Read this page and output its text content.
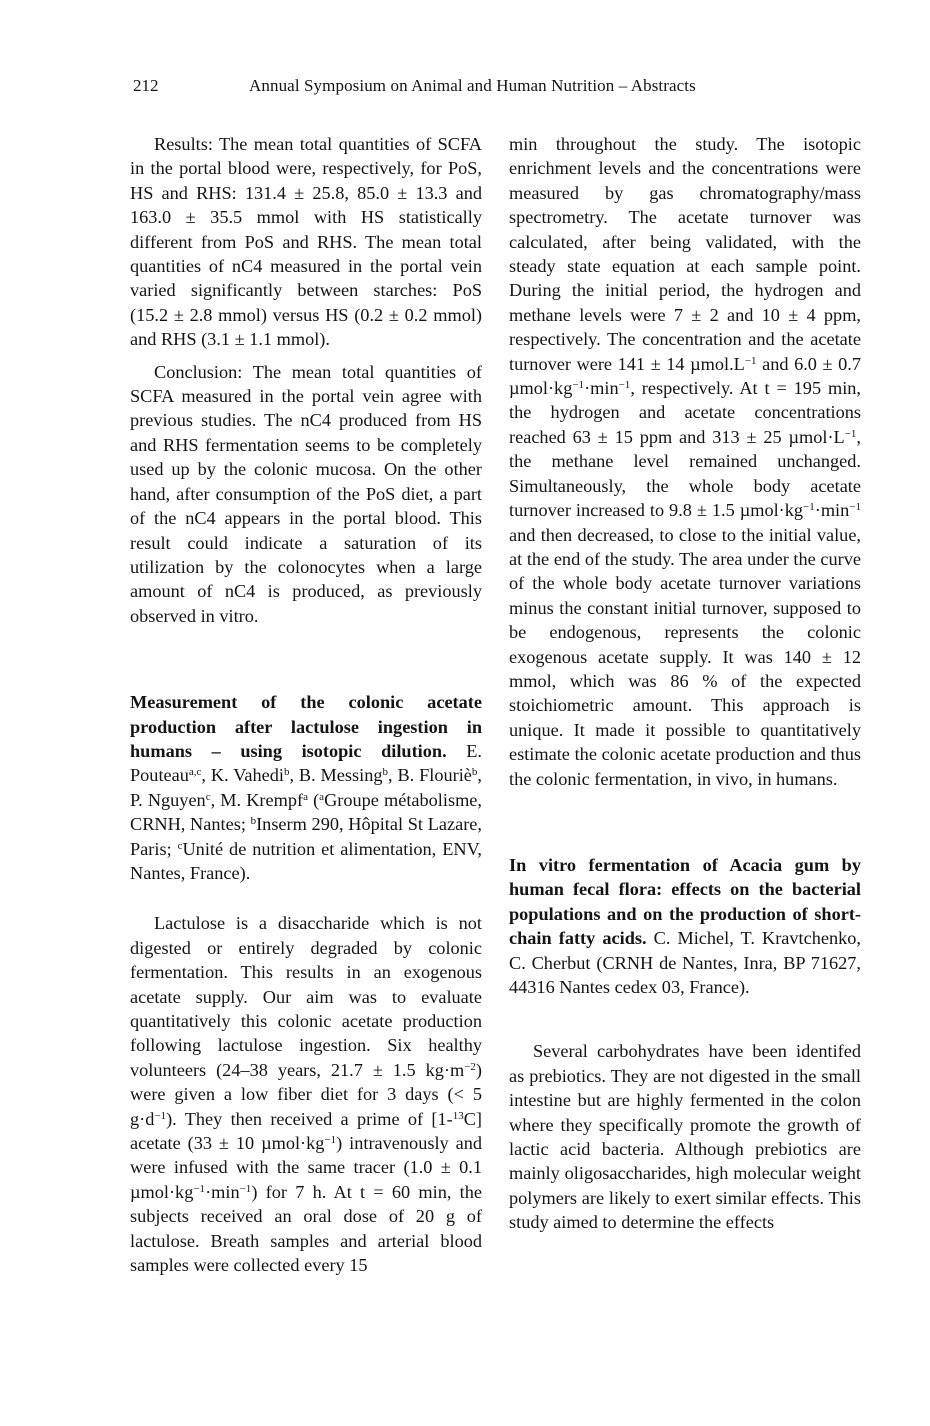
212	Annual Symposium on Animal and Human Nutrition – Abstracts

Results: The mean total quantities of SCFA in the portal blood were, respectively, for PoS, HS and RHS: 131.4 ± 25.8, 85.0 ± 13.3 and 163.0 ± 35.5 mmol with HS statistically different from PoS and RHS. The mean total quantities of nC4 measured in the portal vein varied significantly between starches: PoS (15.2 ± 2.8 mmol) versus HS (0.2 ± 0.2 mmol) and RHS (3.1 ± 1.1 mmol).

Conclusion: The mean total quantities of SCFA measured in the portal vein agree with previous studies. The nC4 produced from HS and RHS fermentation seems to be completely used up by the colonic mucosa. On the other hand, after consumption of the PoS diet, a part of the nC4 appears in the portal blood. This result could indicate a saturation of its utilization by the colonocytes when a large amount of nC4 is produced, as previously observed in vitro.

Measurement of the colonic acetate production after lactulose ingestion in humans – using isotopic dilution. E. Pouteau$^{a,c}$, K. Vahedi$^b$, B. Messing$^b$, B. Flouriè$^b$, P. Nguyen$^c$, M. Krempf$^a$ ($^a$Groupe métabolisme, CRNH, Nantes; $^b$Inserm 290, Hôpital St Lazare, Paris; $^c$Unité de nutrition et alimentation, ENV, Nantes, France).

Lactulose is a disaccharide which is not digested or entirely degraded by colonic fermentation. This results in an exogenous acetate supply. Our aim was to evaluate quantitatively this colonic acetate production following lactulose ingestion. Six healthy volunteers (24–38 years, 21.7 ± 1.5 $kg\cdot m^{-2}$) were given a low fiber diet for 3 days (< 5 $g\cdot d^{-1}$). They then received a prime of [1-$^{13}$C] acetate (33 ± 10 $\mu mol\cdot kg^{-1}$) intravenously and were infused with the same tracer (1.0 ± 0.1 $\mu mol\cdot kg^{-1}\cdot\min^{-1}$) for 7 h. At t = 60 min, the subjects received an oral dose of 20 g of lactulose. Breath samples and arterial blood samples were collected every 15

min throughout the study. The isotopic enrichment levels and the concentrations were measured by gas chromatography/mass spectrometry. The acetate turnover was calculated, after being validated, with the steady state equation at each sample point. During the initial period, the hydrogen and methane levels were 7 ± 2 and 10 ± 4 ppm, respectively. The concentration and the acetate turnover were 141 ± 14 $\mu mol.L^{-1}$ and 6.0 ± 0.7 $\mu mol\cdot kg^{-1}\cdot\min^{-1}$, respectively. At t = 195 min, the hydrogen and acetate concentrations reached 63 ± 15 ppm and 313 ± 25 $\mu mol\cdot L^{-1}$, the methane level remained unchanged. Simultaneously, the whole body acetate turnover increased to 9.8 ± 1.5 $\mu mol\cdot kg^{-1}\cdot\min^{-1}$ and then decreased, to close to the initial value, at the end of the study. The area under the curve of the whole body acetate turnover variations minus the constant initial turnover, supposed to be endogenous, represents the colonic exogenous acetate supply. It was 140 ± 12 mmol, which was 86 % of the expected stoichiometric amount. This approach is unique. It made it possible to quantitatively estimate the colonic acetate production and thus the colonic fermentation, in vivo, in humans.

In vitro fermentation of Acacia gum by human fecal flora: effects on the bacterial populations and on the production of short-chain fatty acids. C. Michel, T. Kravtchenko, C. Cherbut (CRNH de Nantes, Inra, BP 71627, 44316 Nantes cedex 03, France).

Several carbohydrates have been identifed as prebiotics. They are not digested in the small intestine but are highly fermented in the colon where they specifically promote the growth of lactic acid bacteria. Although prebiotics are mainly oligosaccharides, high molecular weight polymers are likely to exert similar effects. This study aimed to determine the effects
